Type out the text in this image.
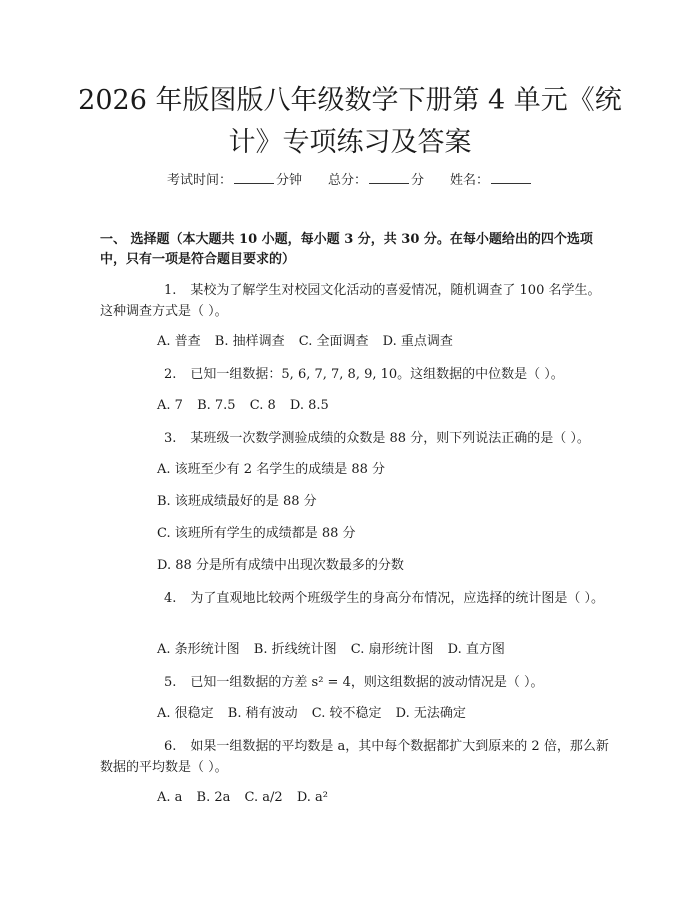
2026 年版图版八年级数学下册第 4 单元《统
计》专项练习及答案
考试时间：	分钟 总分：	分 姓名：
一、 选择题（本大题共 10 小题，每小题 3 分，共 30 分。在每小题给出的四个选项中，只有一项是符合题目要求的）
1. 某校为了解学生对校园文化活动的喜爱情况，随机调查了 100 名学生。这种调查方式是（ ）。
A. 普查 B. 抽样调查 C. 全面调查 D. 重点调查
2. 已知一组数据：5, 6, 7, 7, 8, 9, 10。这组数据的中位数是（ ）。
A. 7 B. 7.5 C. 8 D. 8.5
3. 某班级一次数学测验成绩的众数是 88 分，则下列说法正确的是（ ）。
A. 该班至少有 2 名学生的成绩是 88 分
B. 该班成绩最好的是 88 分
C. 该班所有学生的成绩都是 88 分
D. 88 分是所有成绩中出现次数最多的分数
4. 为了直观地比较两个班级学生的身高分布情况，应选择的统计图是（ ）。
A. 条形统计图 B. 折线统计图 C. 扇形统计图 D. 直方图
5. 已知一组数据的方差 s² = 4，则这组数据的波动情况是（ ）。
A. 很稳定 B. 稍有波动 C. 较不稳定 D. 无法确定
6. 如果一组数据的平均数是 a，其中每个数据都扩大到原来的 2 倍，那么新数据的平均数是（ ）。
A. a B. 2a C. a/2 D. a²
